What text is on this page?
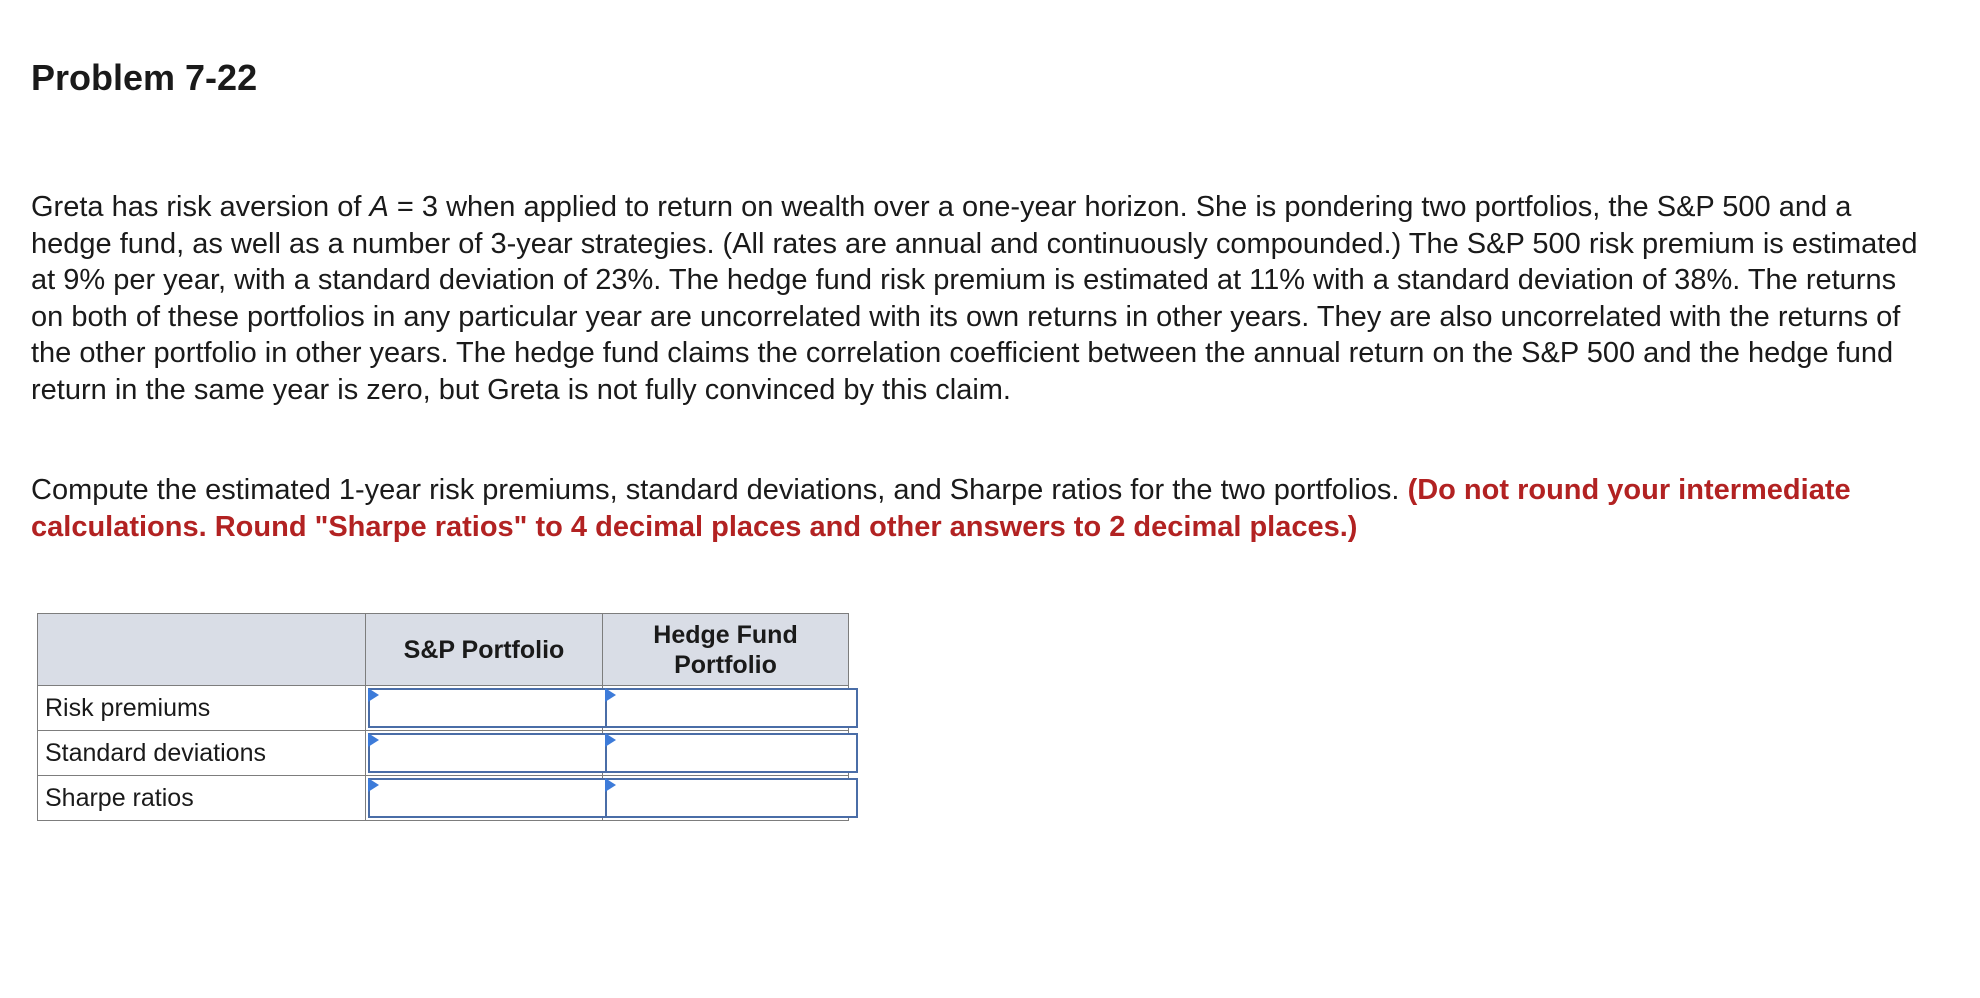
Problem 7-22

Greta has risk aversion of A = 3 when applied to return on wealth over a one-year horizon. She is pondering two portfolios, the S&P 500 and a hedge fund, as well as a number of 3-year strategies. (All rates are annual and continuously compounded.) The S&P 500 risk premium is estimated at 9% per year, with a standard deviation of 23%. The hedge fund risk premium is estimated at 11% with a standard deviation of 38%. The returns on both of these portfolios in any particular year are uncorrelated with its own returns in other years. They are also uncorrelated with the returns of the other portfolio in other years. The hedge fund claims the correlation coefficient between the annual return on the S&P 500 and the hedge fund return in the same year is zero, but Greta is not fully convinced by this claim.

Compute the estimated 1-year risk premiums, standard deviations, and Sharpe ratios for the two portfolios. (Do not round your intermediate calculations. Round "Sharpe ratios" to 4 decimal places and other answers to 2 decimal places.)

	S&P Portfolio	Hedge Fund
Portfolio
Risk premiums	

Standard deviations	

Sharpe ratios	
